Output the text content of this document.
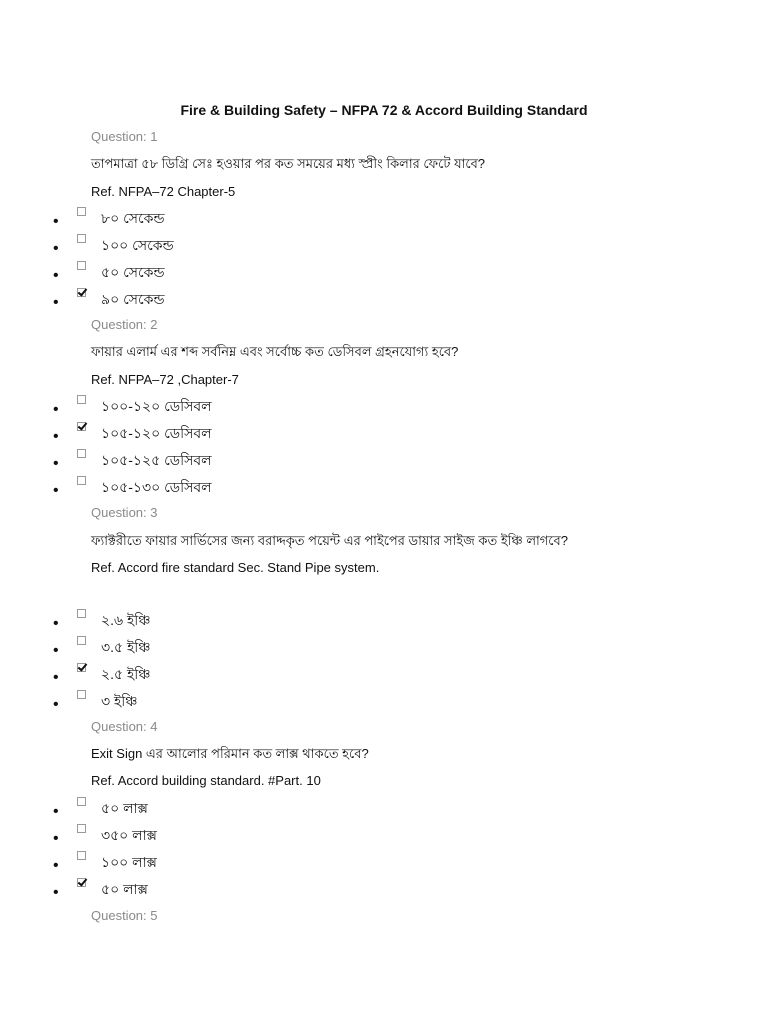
Fire & Building Safety – NFPA 72 & Accord Building Standard
Question: 1
তাপমাত্রা ৫৮ ডিগ্রি সেঃ হওয়ার পর কত সময়ের মধ্য স্প্রীং কিলার ফেটে যাবে?
Ref. NFPA–72 Chapter-5
•	৮০ সেকেন্ড
•	১০০ সেকেন্ড
•	৫০ সেকেন্ড
•	৯০ সেকেন্ড
Question: 2
ফায়ার এলার্ম এর শব্দ সর্বনিম্ন এবং সর্বোচ্চ কত ডেসিবল গ্রহনযোগ্য হবে?
Ref. NFPA–72 ,Chapter-7
•	১০০-১২০ ডেসিবল
•	১০৫-১২০ ডেসিবল
•	১০৫-১২৫ ডেসিবল
•	১০৫-১৩০ ডেসিবল
Question: 3
ফ্যাক্টরীতে ফায়ার সার্ভিসের জন্য বরাদ্দকৃত পয়েন্ট এর পাইপের ডায়ার সাইজ কত ইঞ্চি লাগবে?
Ref. Accord fire standard Sec. Stand Pipe system.
•	২.৬ ইঞ্চি
•	৩.৫ ইঞ্চি
•	২.৫ ইঞ্চি
•	৩ ইঞ্চি
Question: 4
Exit Sign এর আলোর পরিমান কত লাক্স থাকতে হবে?
Ref. Accord building standard. #Part. 10
•	৫০ লাক্স
•	৩৫০ লাক্স
•	১০০ লাক্স
•	৫০ লাক্স
Question: 5
